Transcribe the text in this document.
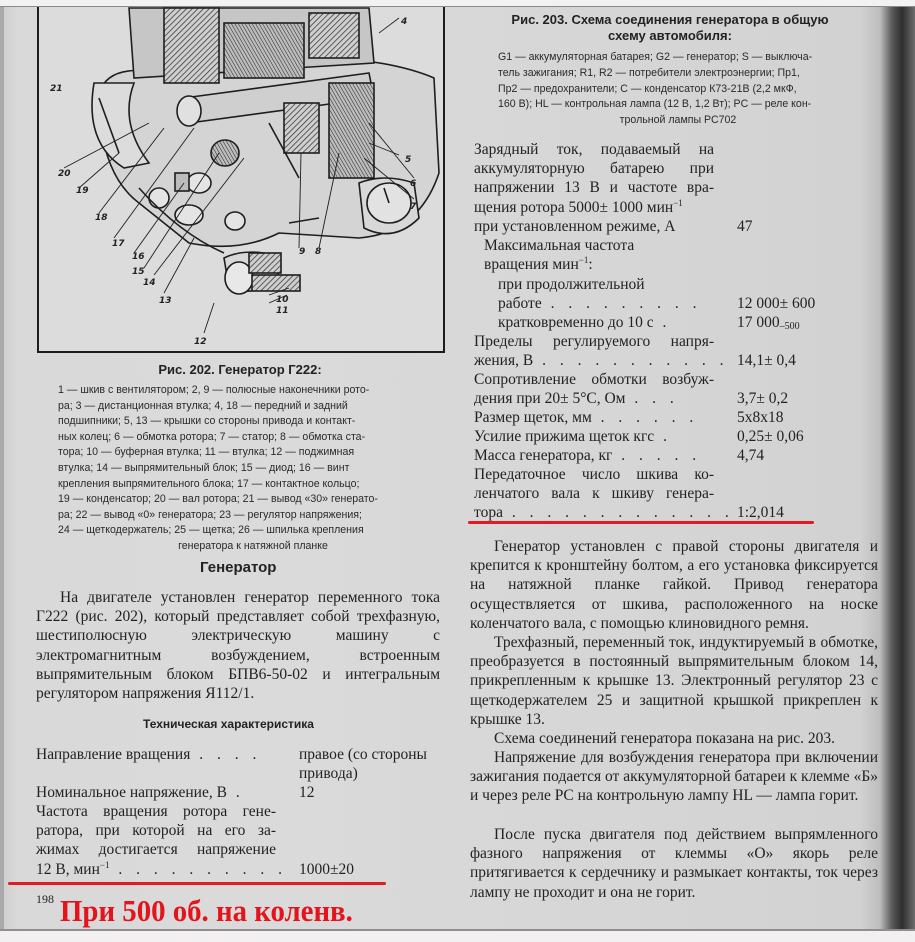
21
20
19
18
17
16
15
14
13
12
10
11
9 8
7
6
5
4
Рис. 202. Генератор Г222:
1 — шкив с вентилятором; 2, 9 — полюсные наконечники рото-
ра; 3 — дистанционная втулка; 4, 18 — передний и задний
подшипники; 5, 13 — крышки со стороны привода и контакт-
ных колец; 6 — обмотка ротора; 7 — статор; 8 — обмотка ста-
тора; 10 — буферная втулка; 11 — втулка; 12 — поджимная
втулка; 14 — выпрямительный блок; 15 — диод; 16 — винт
крепления выпрямительного блока; 17 — контактное кольцо;
19 — конденсатор; 20 — вал ротора; 21 — вывод «30» генерато-
ра; 22 — вывод «0» генератора; 23 — регулятор напряжения;
24 — щеткодержатель; 25 — щетка; 26 — шпилька крепления
генератора к натяжной планке
Генератор
На двигателе установлен генератор переменного тока Г222 (рис. 202), который представляет собой трехфазную, шестиполюсную электрическую машину с электромагнитным возбуждением, встроенным выпрямительным блоком БПВ6-50-02 и интегральным регулятором напряжения Я112/1.
Техническая характеристика
Направление вращения . . . .	правое (со стороны
привода)
Номинальное напряжение, В .	12
Частота вращения ротора гене-
ратора, при которой на его за-
жимах достигается напряжение
12 В, мин$^{-1}$ . . . . . . . . . . 1000±20
198 При 500 об. на коленв.
Рис. 203. Схема соединения генератора в общую
схему автомобиля:
G1 — аккумуляторная батарея; G2 — генератор; S — выключа-
тель зажигания; R1, R2 — потребители электроэнергии; Пр1,
Пр2 — предохранители; C — конденсатор К73-21В (2,2 мкФ,
160 В); HL — контрольная лампа (12 В, 1,2 Вт); PC — реле кон-
трольной лампы РС702
Зарядный ток, подаваемый на
аккумуляторную батарею при
напряжении 13 В и частоте вра-
щения ротора 5000± 1000 мин$^{-1}$
при установленном режиме, А	47
Максимальная частота
вращения мин$^{-1}$:
при продолжительной
работе . . . . . . . . . 12 000± 600
кратковременно до 10 с .	17 $000_{-500}$
Пределы регулируемого напря-
жения, В . . . . . . . . . . . 14,1± 0,4
Сопротивление обмотки возбуж-
дения при 20± 5°С, Ом . . .	3,7± 0,2
Размер щеток, мм . . . . . .	5x8x18
Усилие прижима щеток кгс .	0,25± 0,06
Масса генератора, кг . . . . . 4,74
Передаточное число шкива ко-
ленчатого вала к шкиву генера-
тора . . . . . . . . . . . . . 1:2,014
Генератор установлен с правой стороны двигателя и крепится к кронштейну болтом, а его установка фиксируется на натяжной планке гайкой. Привод генератора осуществляется от шкива, расположенного на носке коленчатого вала, с помощью клиновидного ремня.
Трехфазный, переменный ток, индуктируемый в обмотке, преобразуется в постоянный выпрямительным блоком 14, прикрепленным к крышке 13. Электронный регулятор 23 с щеткодержателем 25 и защитной крышкой прикреплен к крышке 13.
Схема соединений генератора показана на рис. 203.
Напряжение для возбуждения генератора при включении зажигания подается от аккумуляторной батареи к клемме «Б» и через реле PC на контрольную лампу HL — лампа горит.
После пуска двигателя под действием выпрямленного фазного напряжения от клеммы «О» якорь реле притягивается к сердечнику и размыкает контакты, ток через лампу не проходит и она не горит.
